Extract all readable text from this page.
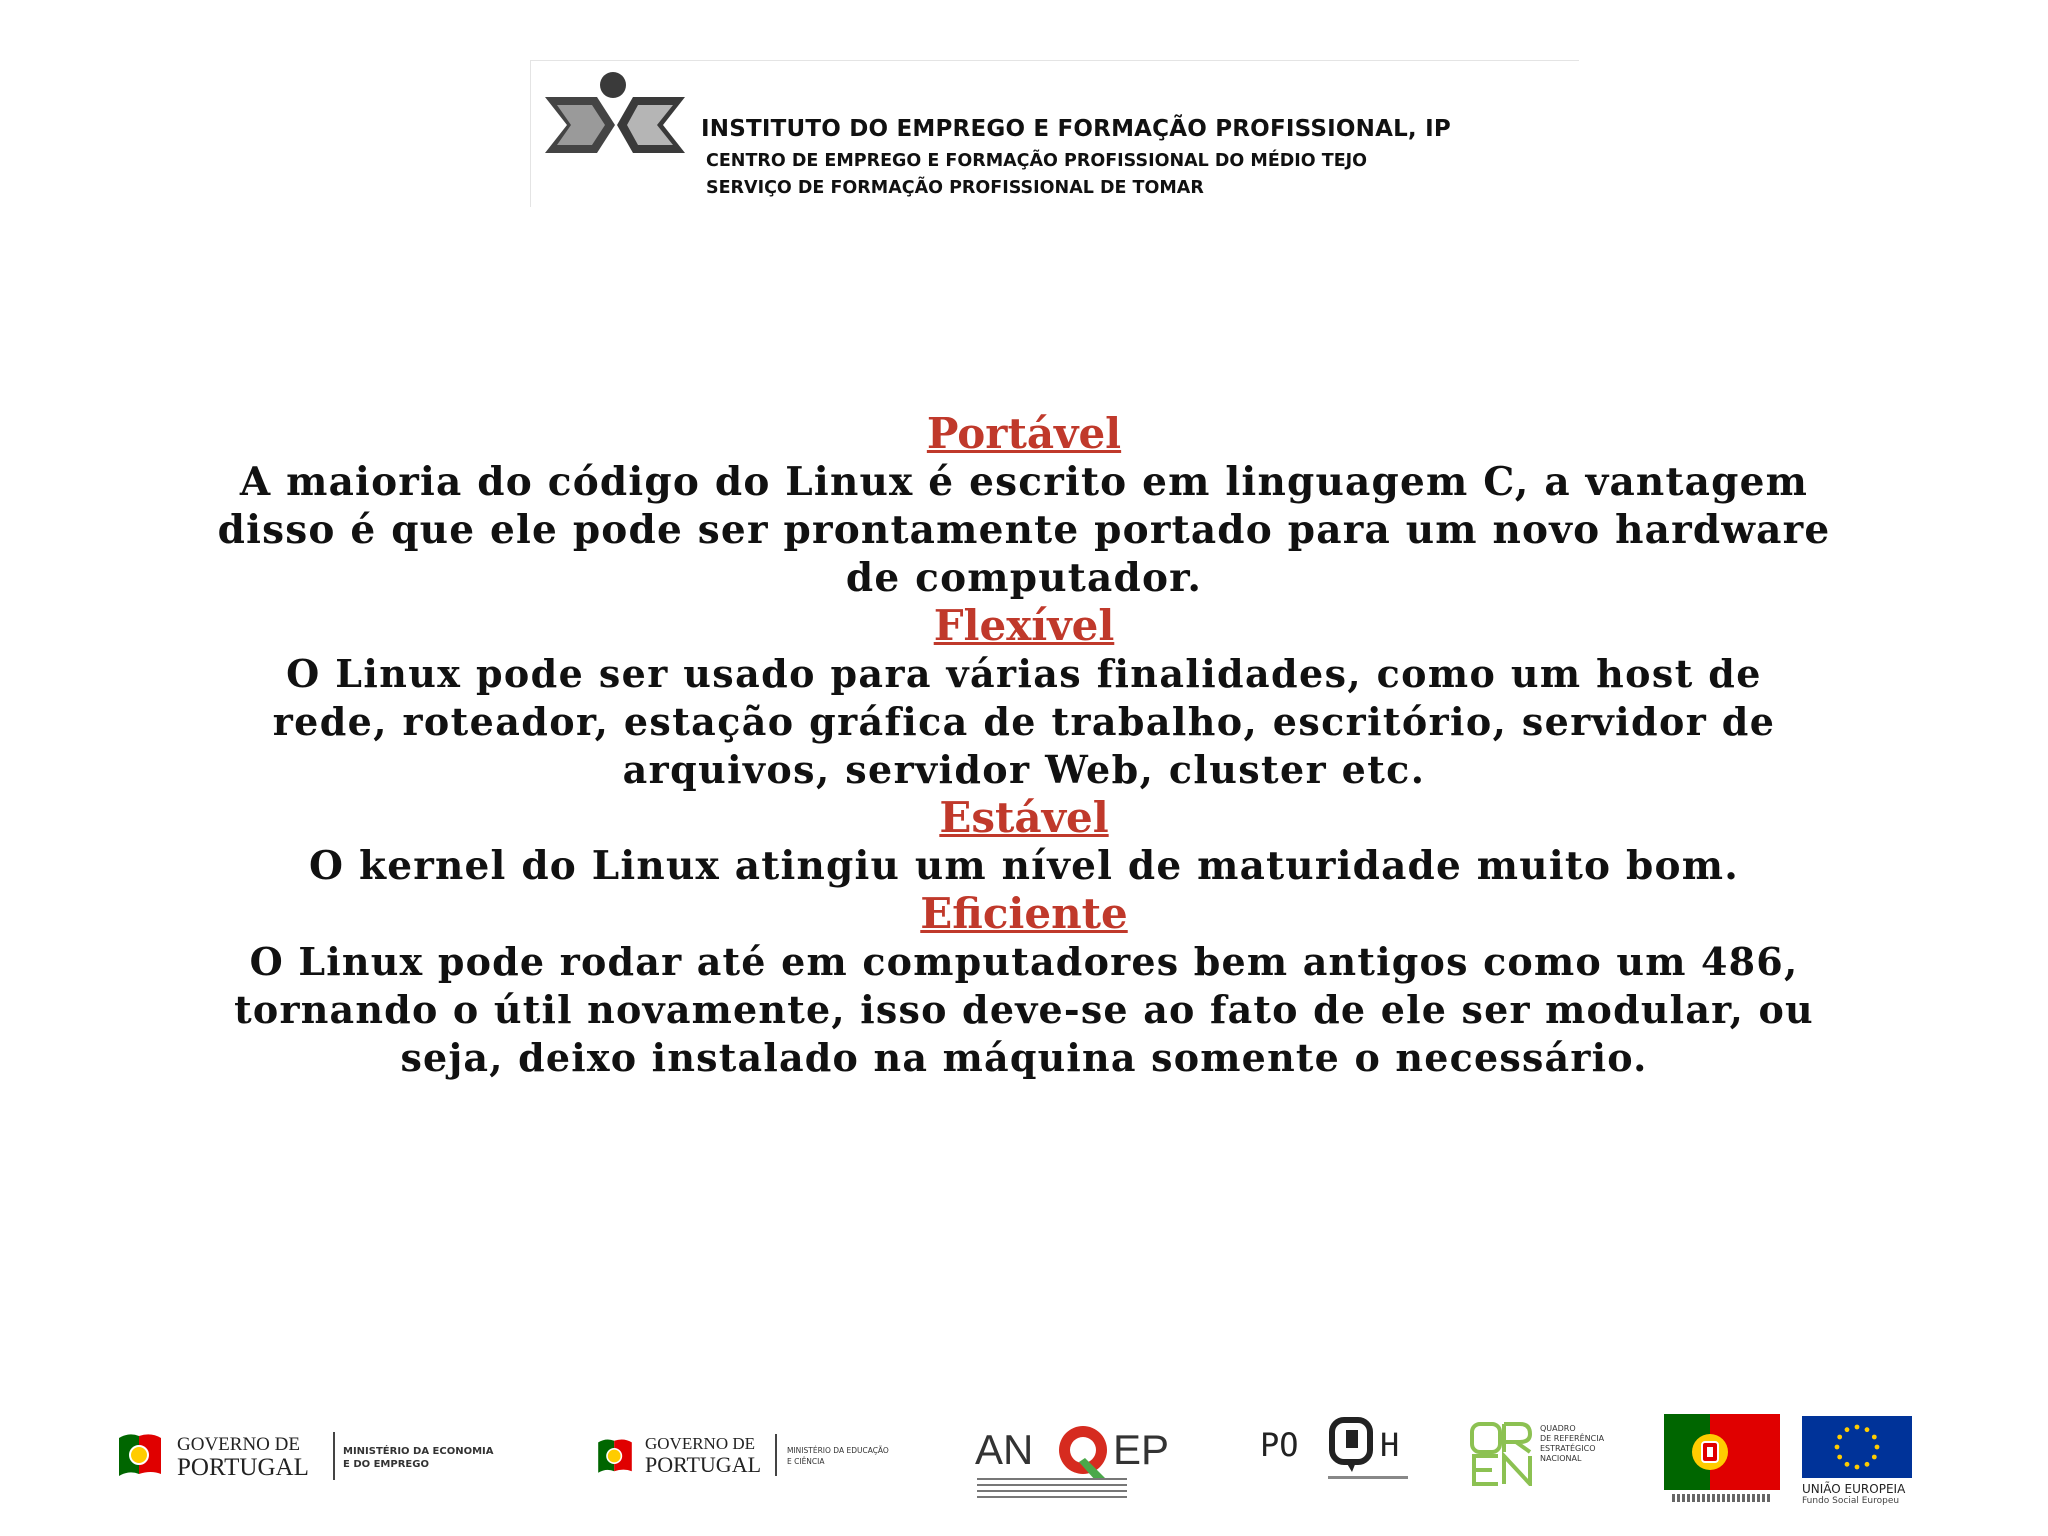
INSTITUTO DO EMPREGO E FORMAÇÃO PROFISSIONAL, IP
CENTRO DE EMPREGO E FORMAÇÃO PROFISSIONAL DO MÉDIO TEJO
SERVIÇO DE FORMAÇÃO PROFISSIONAL DE TOMAR
Portável
A maioria do código do Linux é escrito em linguagem C, a vantagem
disso é que ele pode ser prontamente portado para um novo hardware
de computador.
Flexível
O Linux pode ser usado para várias finalidades, como um host de
rede, roteador, estação gráfica de trabalho, escritório, servidor de
arquivos, servidor Web, cluster etc.
Estável
O kernel do Linux atingiu um nível de maturidade muito bom.
Eficiente
O Linux pode rodar até em computadores bem antigos como um 486,
tornando o útil novamente, isso deve-se ao fato de ele ser modular, ou
seja, deixo instalado na máquina somente o necessário.
GOVERNO DE
PORTUGAL
MINISTÉRIO DA ECONOMIA
E DO EMPREGO
GOVERNO DE
PORTUGAL
MINISTÉRIO DA EDUCAÇÃO
E CIÊNCIA	AN EP	PO	H	QUADRO
DE REFERÊNCIA
ESTRATÉGICO
NACIONAL
UNIÃO EUROPEIA
Fundo Social Europeu
